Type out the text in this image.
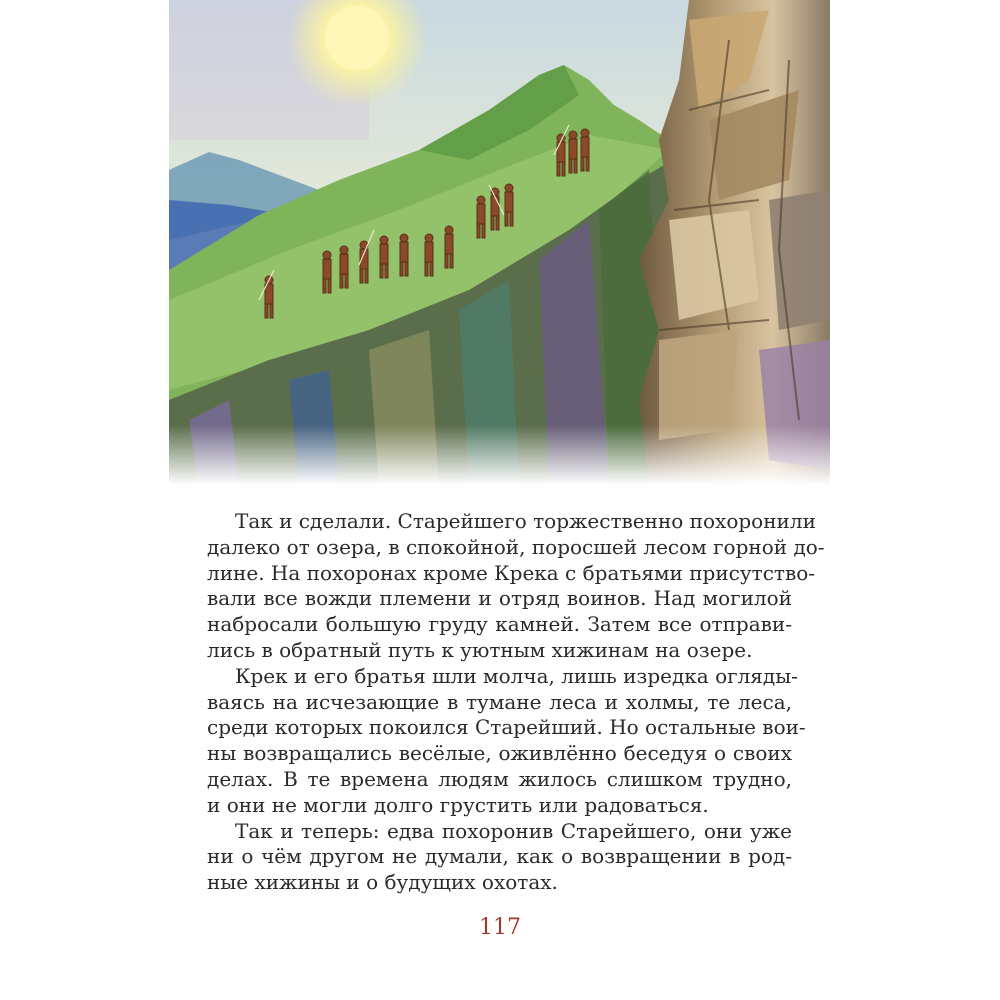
Так и сделали. Старейшего торжественно похоронили
далеко от озера, в спокойной, поросшей лесом горной до-
лине. На похоронах кроме Крека с братьями присутство-
вали все вожди племени и отряд воинов. Над могилой
набросали большую груду камней. Затем все отправи-
лись в обратный путь к уютным хижинам на озере.
Крек и его братья шли молча, лишь изредка огляды-
ваясь на исчезающие в тумане леса и холмы, те леса,
среди которых покоился Старейший. Но остальные вои-
ны возвращались весёлые, оживлённо беседуя о своих
делах. В те времена людям жилось слишком трудно,
и они не могли долго грустить или радоваться.
Так и теперь: едва похоронив Старейшего, они уже
ни о чём другом не думали, как о возвращении в род-
ные хижины и о будущих охотах.
117
